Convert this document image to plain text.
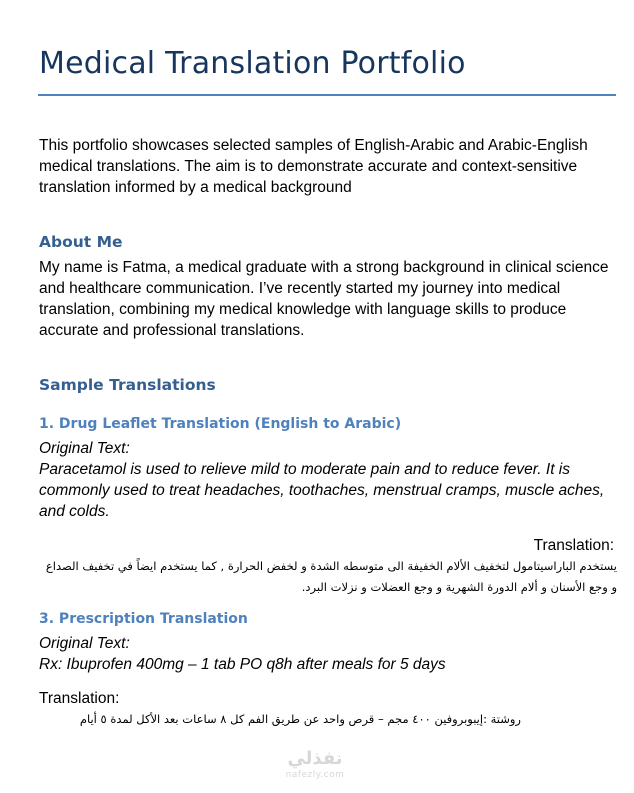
Medical Translation Portfolio

This portfolio showcases selected samples of English-Arabic and Arabic-English medical translations. The aim is to demonstrate accurate and context-sensitive translation informed by a medical background

About Me

My name is Fatma, a medical graduate with a strong background in clinical science and healthcare communication. I’ve recently started my journey into medical translation, combining my medical knowledge with language skills to produce accurate and professional translations.

Sample Translations
1. Drug Leaflet Translation (English to Arabic)
Original Text:

Paracetamol is used to relieve mild to moderate pain and to reduce fever. It is commonly used to treat headaches, toothaches, menstrual cramps, muscle aches, and colds.

Translation:

يستخدم الباراسيتامول لتخفيف الألام الخفيفة الى متوسطه الشدة و لخفض الحرارة , كما يستخدم ايضاً في تخفيف الصداع و وجع الأسنان و ألام الدورة الشهرية و وجع العضلات و نزلات البرد.

3. Prescription Translation
Original Text:
Rx: Ibuprofen 400mg – 1 tab PO q8h after meals for 5 days
Translation:
روشتة :إيبوبروفين ٤٠٠ مجم – قرص واحد عن طريق الفم كل ٨ ساعات بعد الأكل لمدة ٥ أيام
نفذلي
nafezly.com
